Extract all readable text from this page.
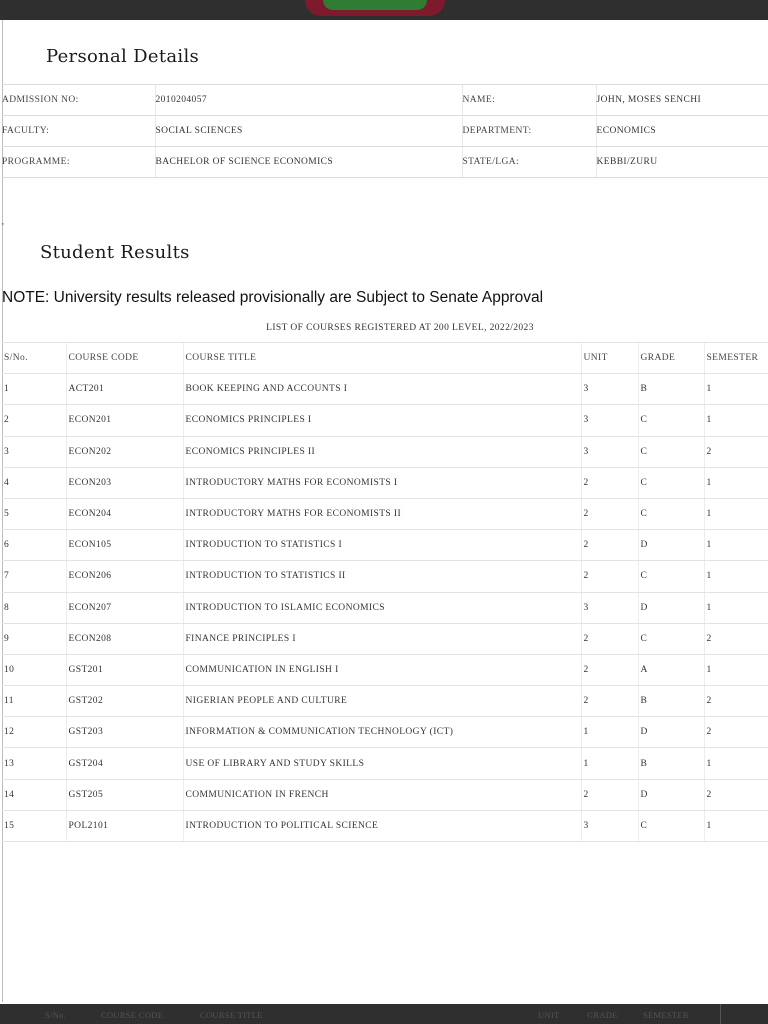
Personal Details
ADMISSION NO:	2010204057	NAME:	JOHN, MOSES SENCHI
FACULTY:	SOCIAL SCIENCES	DEPARTMENT:	ECONOMICS
PROGRAMME:	BACHELOR OF SCIENCE ECONOMICS	STATE/LGA:	KEBBI/ZURU
'
Student Results
NOTE: University results released provisionally are Subject to Senate Approval
LIST OF COURSES REGISTERED AT 200 LEVEL, 2022/2023
S/No.	COURSE CODE	COURSE TITLE	UNIT	GRADE	SEMESTER
1	ACT201	BOOK KEEPING AND ACCOUNTS I	3	B	1
2	ECON201	ECONOMICS PRINCIPLES I	3	C	1
3	ECON202	ECONOMICS PRINCIPLES II	3	C	2
4	ECON203	INTRODUCTORY MATHS FOR ECONOMISTS I	2	C	1
5	ECON204	INTRODUCTORY MATHS FOR ECONOMISTS II	2	C	1
6	ECON105	INTRODUCTION TO STATISTICS I	2	D	1
7	ECON206	INTRODUCTION TO STATISTICS II	2	C	1
8	ECON207	INTRODUCTION TO ISLAMIC ECONOMICS	3	D	1
9	ECON208	FINANCE PRINCIPLES I	2	C	2
10	GST201	COMMUNICATION IN ENGLISH I	2	A	1
11	GST202	NIGERIAN PEOPLE AND CULTURE	2	B	2
12	GST203	INFORMATION & COMMUNICATION TECHNOLOGY (ICT)	1	D	2
13	GST204	USE OF LIBRARY AND STUDY SKILLS	1	B	1
14	GST205	COMMUNICATION IN FRENCH	2	D	2
15	POL2101	INTRODUCTION TO POLITICAL SCIENCE	3	C	1
S/No.	COURSE CODE	COURSE TITLE	UNIT	GRADE	SEMESTER
